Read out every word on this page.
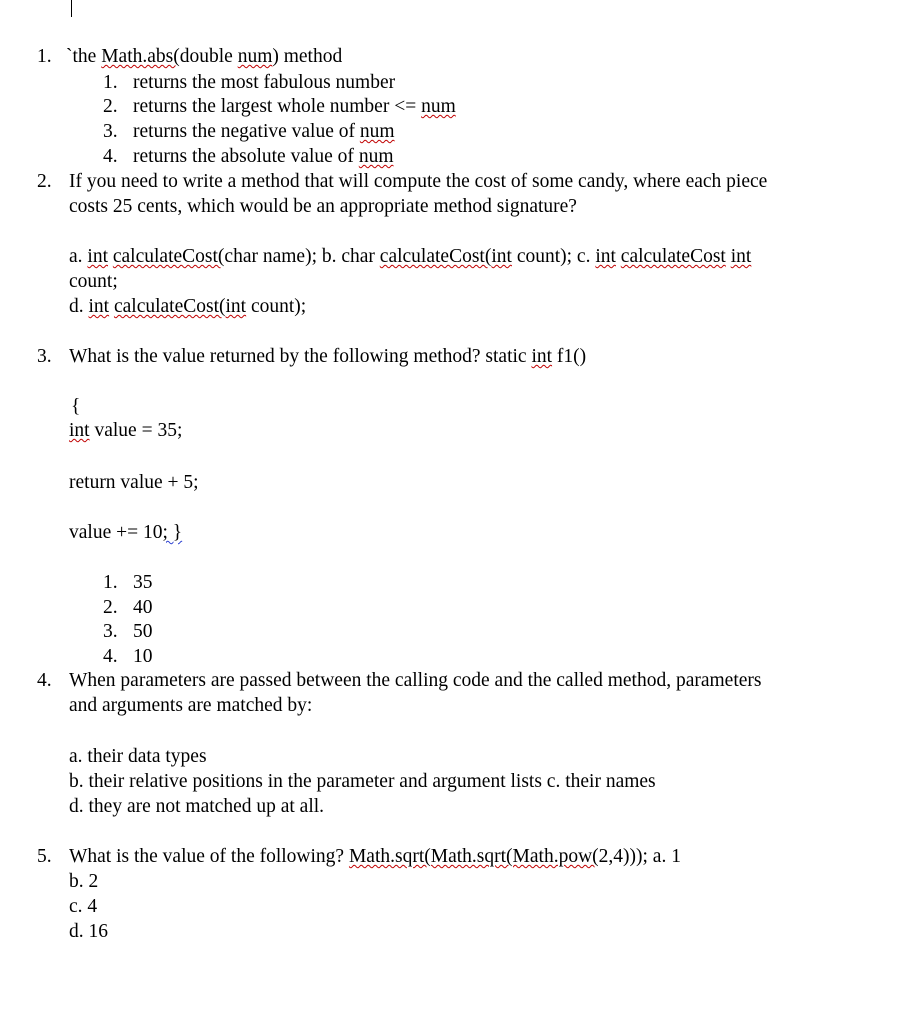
1. `the Math.abs(double num) method
1. returns the most fabulous number
2. returns the largest whole number <= num
3. returns the negative value of num
4. returns the absolute value of num
2. If you need to write a method that will compute the cost of some candy, where each piece
costs 25 cents, which would be an appropriate method signature?
a. int calculateCost(char name); b. char calculateCost(int count); c. int calculateCost int
count;
d. int calculateCost(int count);
3. What is the value returned by the following method? static int f1()
{
int value = 35;
return value + 5;
value += 10; }
1. 35
2. 40
3. 50
4. 10
4. When parameters are passed between the calling code and the called method, parameters
and arguments are matched by:
a. their data types
b. their relative positions in the parameter and argument lists c. their names
d. they are not matched up at all.
5. What is the value of the following? Math.sqrt(Math.sqrt(Math.pow(2,4))); a. 1
b. 2
c. 4
d. 16
